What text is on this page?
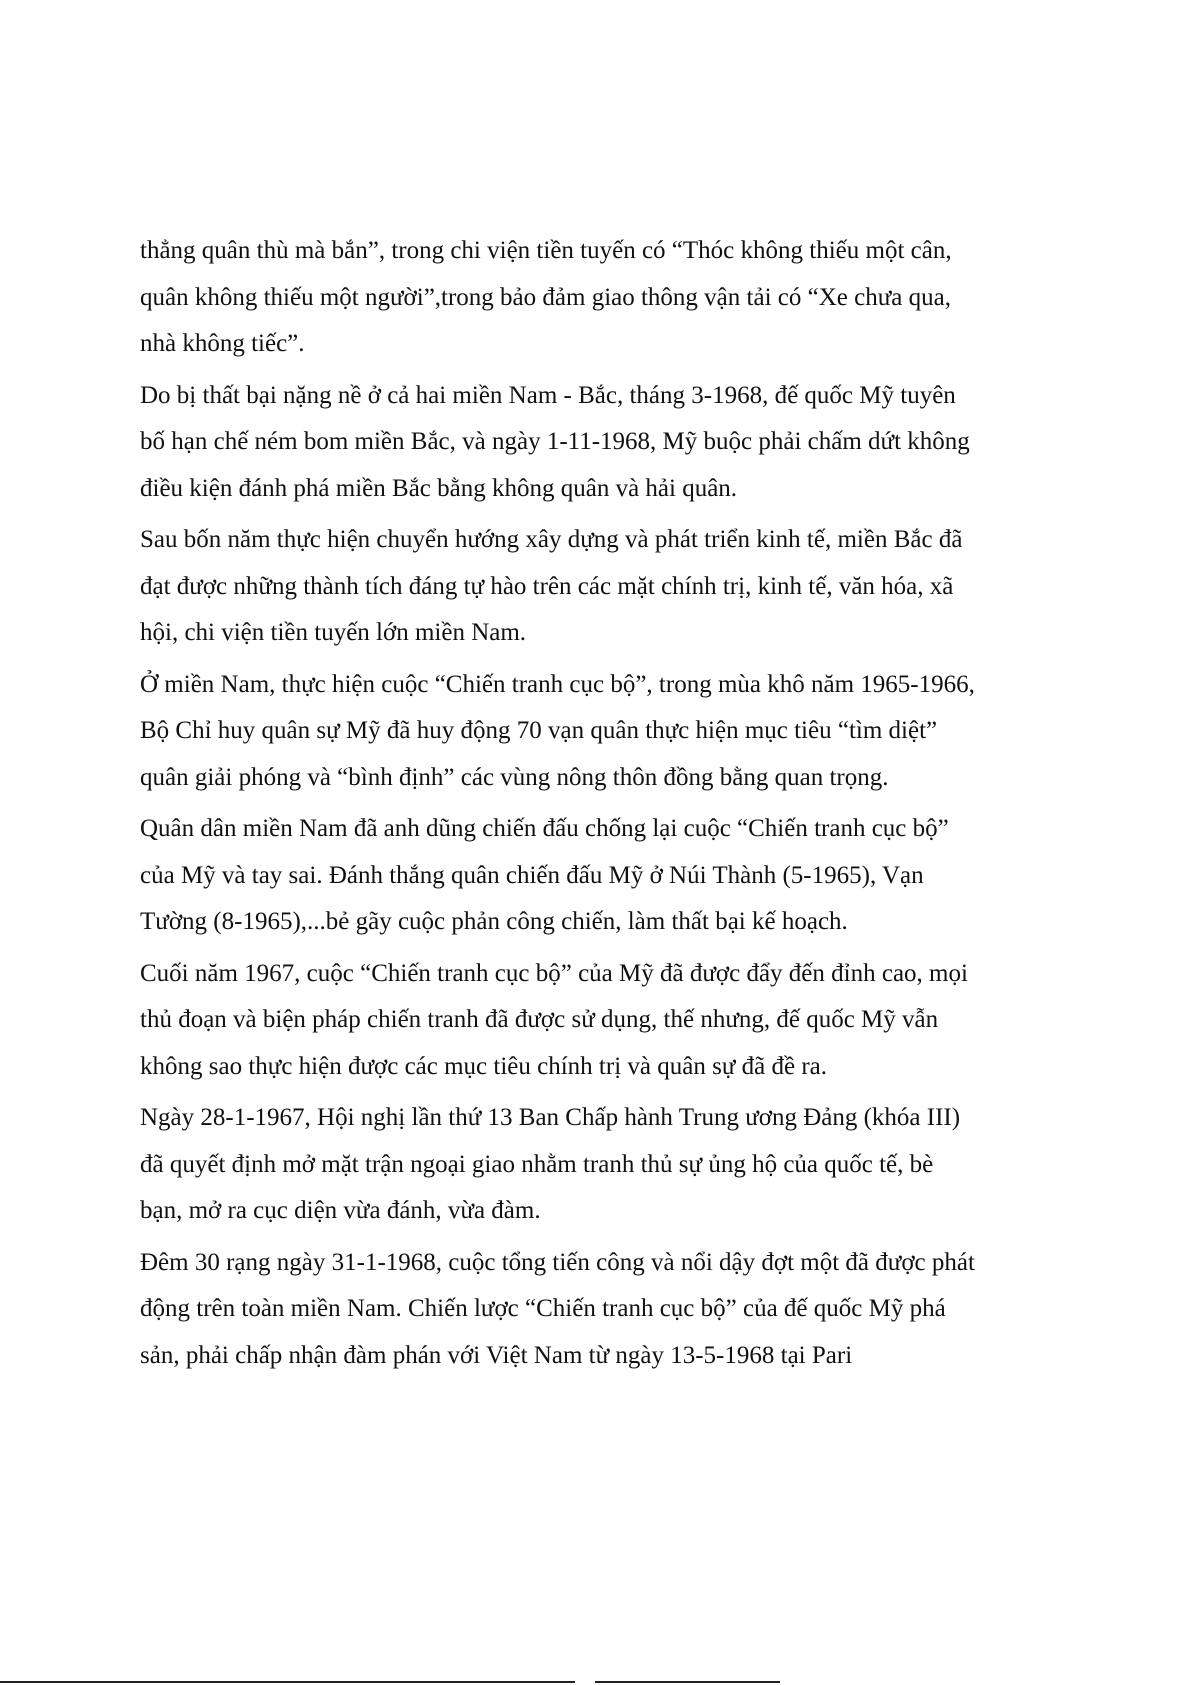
thẳng quân thù mà bắn”, trong chi viện tiền tuyến có “Thóc không thiếu một cân,
quân không thiếu một người”,trong bảo đảm giao thông vận tải có “Xe chưa qua,
nhà không tiếc”.

Do bị thất bại nặng nề ở cả hai miền Nam - Bắc, tháng 3-1968, đế quốc Mỹ tuyên
bố hạn chế ném bom miền Bắc, và ngày 1-11-1968, Mỹ buộc phải chấm dứt không
điều kiện đánh phá miền Bắc bằng không quân và hải quân.

Sau bốn năm thực hiện chuyển hướng xây dựng và phát triển kinh tế, miền Bắc đã
đạt được những thành tích đáng tự hào trên các mặt chính trị, kinh tế, văn hóa, xã
hội, chi viện tiền tuyến lớn miền Nam.

Ở miền Nam, thực hiện cuộc “Chiến tranh cục bộ”, trong mùa khô năm 1965-1966,
Bộ Chỉ huy quân sự Mỹ đã huy động 70 vạn quân thực hiện mục tiêu “tìm diệt”
quân giải phóng và “bình định” các vùng nông thôn đồng bằng quan trọng.

Quân dân miền Nam đã anh dũng chiến đấu chống lại cuộc “Chiến tranh cục bộ”
của Mỹ và tay sai. Đánh thắng quân chiến đấu Mỹ ở Núi Thành (5-1965), Vạn
Tường (8-1965),...bẻ gãy cuộc phản công chiến, làm thất bại kế hoạch.

Cuối năm 1967, cuộc “Chiến tranh cục bộ” của Mỹ đã được đẩy đến đỉnh cao, mọi
thủ đoạn và biện pháp chiến tranh đã được sử dụng, thế nhưng, đế quốc Mỹ vẫn
không sao thực hiện được các mục tiêu chính trị và quân sự đã đề ra.

Ngày 28-1-1967, Hội nghị lần thứ 13 Ban Chấp hành Trung ương Đảng (khóa III)
đã quyết định mở mặt trận ngoại giao nhằm tranh thủ sự ủng hộ của quốc tế, bè
bạn, mở ra cục diện vừa đánh, vừa đàm.

Đêm 30 rạng ngày 31-1-1968, cuộc tổng tiến công và nổi dậy đợt một đã được phát
động trên toàn miền Nam. Chiến lược “Chiến tranh cục bộ” của đế quốc Mỹ phá
sản, phải chấp nhận đàm phán với Việt Nam từ ngày 13-5-1968 tại Pari
